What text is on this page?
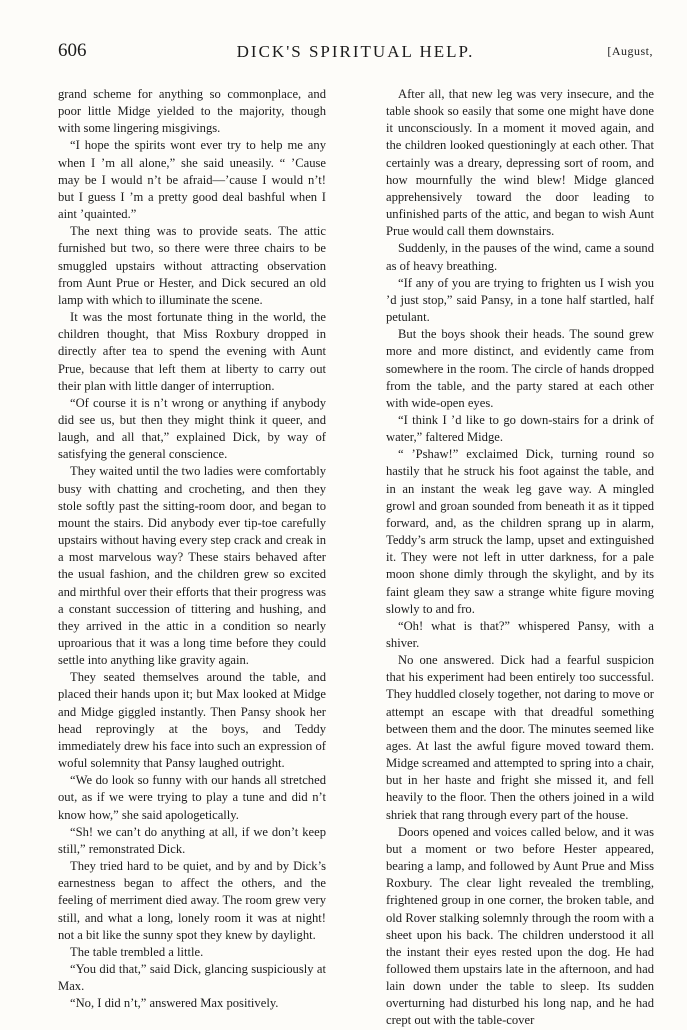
606	DICK'S SPIRITUAL HELP.	[August,

grand scheme for anything so commonplace, and poor little Midge yielded to the majority, though with some lingering misgivings.

“I hope the spirits wont ever try to help me any when I ’m all alone,” she said uneasily. “ ’Cause may be I would n’t be afraid—’cause I would n’t! but I guess I ’m a pretty good deal bashful when I aint ’quainted.”

The next thing was to provide seats. The attic furnished but two, so there were three chairs to be smuggled upstairs without attracting observation from Aunt Prue or Hester, and Dick secured an old lamp with which to illuminate the scene.

It was the most fortunate thing in the world, the children thought, that Miss Roxbury dropped in directly after tea to spend the evening with Aunt Prue, because that left them at liberty to carry out their plan with little danger of interruption.

“Of course it is n’t wrong or anything if anybody did see us, but then they might think it queer, and laugh, and all that,” explained Dick, by way of satisfying the general conscience.

They waited until the two ladies were comfortably busy with chatting and crocheting, and then they stole softly past the sitting-room door, and began to mount the stairs. Did anybody ever tip-toe carefully upstairs without having every step crack and creak in a most marvelous way? These stairs behaved after the usual fashion, and the children grew so excited and mirthful over their efforts that their progress was a constant succession of tittering and hushing, and they arrived in the attic in a condition so nearly uproarious that it was a long time before they could settle into anything like gravity again.

They seated themselves around the table, and placed their hands upon it; but Max looked at Midge and Midge giggled instantly. Then Pansy shook her head reprovingly at the boys, and Teddy immediately drew his face into such an expression of woful solemnity that Pansy laughed outright.

“We do look so funny with our hands all stretched out, as if we were trying to play a tune and did n’t know how,” she said apologetically.

“Sh! we can’t do anything at all, if we don’t keep still,” remonstrated Dick.

They tried hard to be quiet, and by and by Dick’s earnestness began to affect the others, and the feeling of merriment died away. The room grew very still, and what a long, lonely room it was at night! not a bit like the sunny spot they knew by daylight.

The table trembled a little.

“You did that,” said Dick, glancing suspiciously at Max.

“No, I did n’t,” answered Max positively.

After all, that new leg was very insecure, and the table shook so easily that some one might have done it unconsciously. In a moment it moved again, and the children looked questioningly at each other. That certainly was a dreary, depressing sort of room, and how mournfully the wind blew! Midge glanced apprehensively toward the door leading to unfinished parts of the attic, and began to wish Aunt Prue would call them downstairs.

Suddenly, in the pauses of the wind, came a sound as of heavy breathing.

“If any of you are trying to frighten us I wish you ’d just stop,” said Pansy, in a tone half startled, half petulant.

But the boys shook their heads. The sound grew more and more distinct, and evidently came from somewhere in the room. The circle of hands dropped from the table, and the party stared at each other with wide-open eyes.

“I think I ’d like to go down-stairs for a drink of water,” faltered Midge.

“ ’Pshaw!” exclaimed Dick, turning round so hastily that he struck his foot against the table, and in an instant the weak leg gave way. A mingled growl and groan sounded from beneath it as it tipped forward, and, as the children sprang up in alarm, Teddy’s arm struck the lamp, upset and extinguished it. They were not left in utter darkness, for a pale moon shone dimly through the skylight, and by its faint gleam they saw a strange white figure moving slowly to and fro.

“Oh! what is that?” whispered Pansy, with a shiver.

No one answered. Dick had a fearful suspicion that his experiment had been entirely too successful. They huddled closely together, not daring to move or attempt an escape with that dreadful something between them and the door. The minutes seemed like ages. At last the awful figure moved toward them. Midge screamed and attempted to spring into a chair, but in her haste and fright she missed it, and fell heavily to the floor. Then the others joined in a wild shriek that rang through every part of the house.

Doors opened and voices called below, and it was but a moment or two before Hester appeared, bearing a lamp, and followed by Aunt Prue and Miss Roxbury. The clear light revealed the trembling, frightened group in one corner, the broken table, and old Rover stalking solemnly through the room with a sheet upon his back. The children understood it all the instant their eyes rested upon the dog. He had followed them upstairs late in the afternoon, and had lain down under the table to sleep. Its sudden overturning had disturbed his long nap, and he had crept out with the table-cover
